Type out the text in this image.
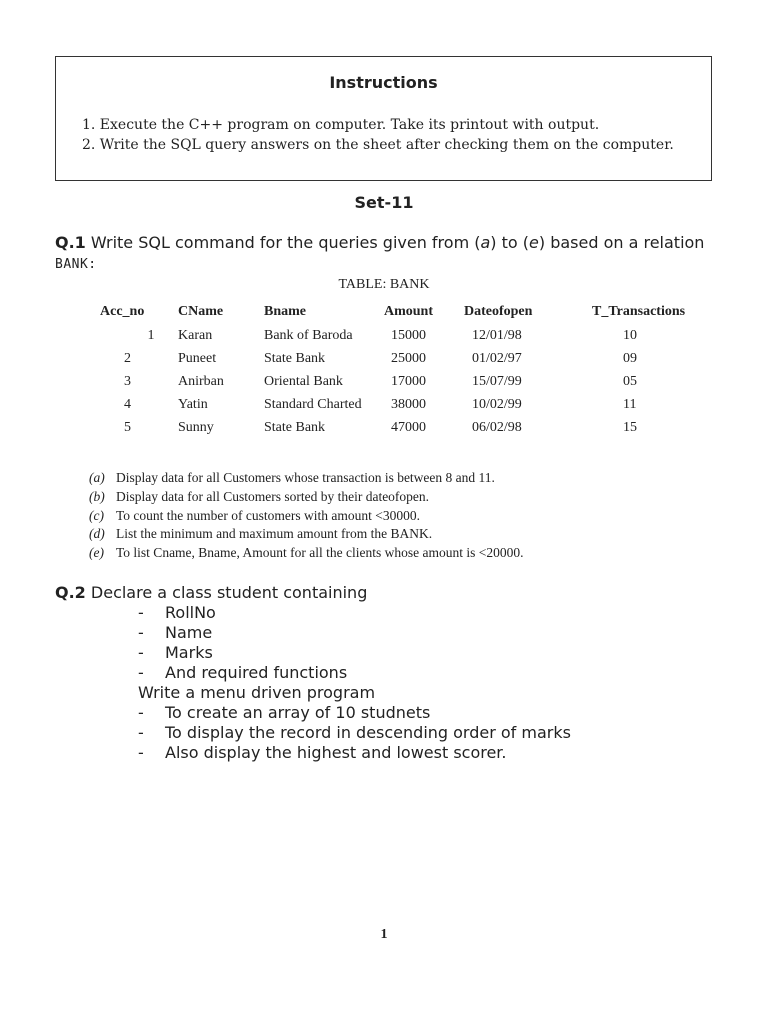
Instructions
1. Execute the C++ program on computer. Take its printout with output.
2. Write the SQL query answers on the sheet after checking them on the computer.
Set-11
Q.1 Write SQL command for the queries given from (a) to (e) based on a relation BANK:
TABLE: BANK
Acc_no	CName	Bname	Amount	Dateofopen	T_Transactions
1	Karan	Bank of Baroda	15000	12/01/98	10
2	Puneet	State Bank	25000	01/02/97	09
3	Anirban	Oriental Bank	17000	15/07/99	05
4	Yatin	Standard Charted	38000	10/02/99	11
5	Sunny	State Bank	47000	06/02/98	15
(a) Display data for all Customers whose transaction is between 8 and 11.
(b) Display data for all Customers sorted by their dateofopen.
(c) To count the number of customers with amount <30000.
(d) List the minimum and maximum amount from the BANK.
(e) To list Cname, Bname, Amount for all the clients whose amount is <20000.
Q.2 Declare a class student containing
- RollNo
- Name
- Marks
- And required functions
Write a menu driven program
- To create an array of 10 studnets
- To display the record in descending order of marks
- Also display the highest and lowest scorer.
1
